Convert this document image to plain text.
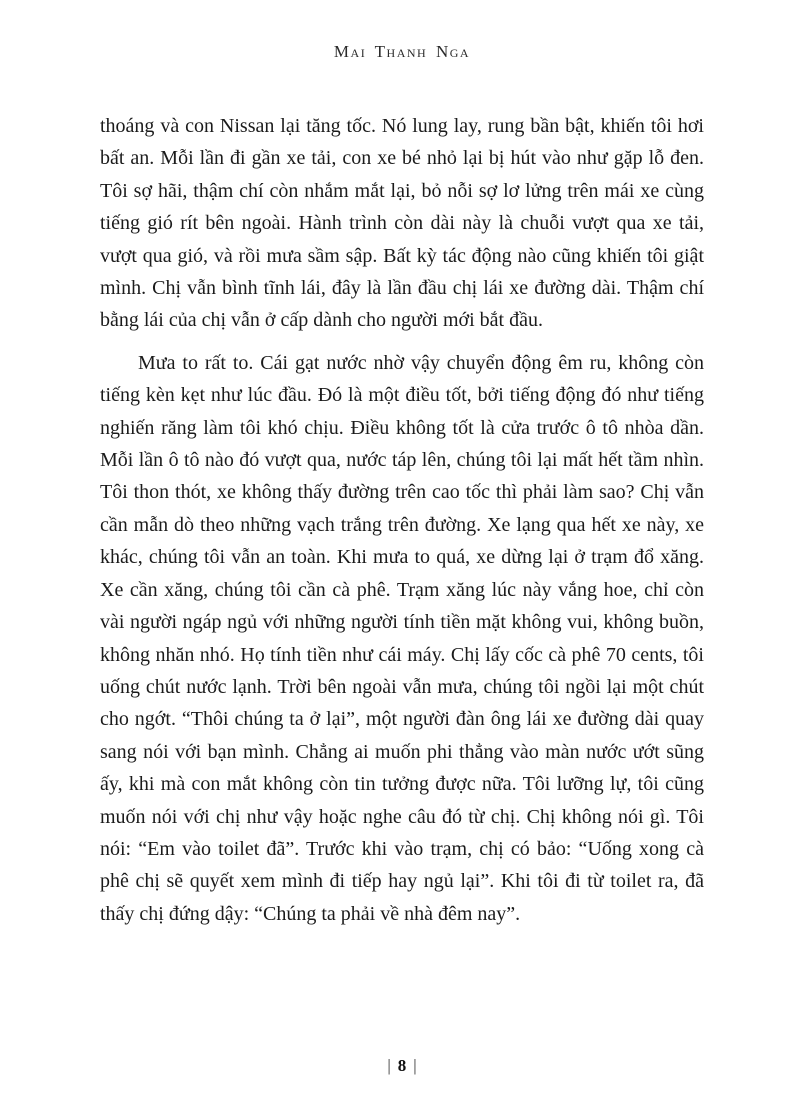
Mai Thanh Nga

thoáng và con Nissan lại tăng tốc. Nó lung lay, rung bần bật, khiến tôi hơi bất an. Mỗi lần đi gần xe tải, con xe bé nhỏ lại bị hút vào như gặp lỗ đen. Tôi sợ hãi, thậm chí còn nhắm mắt lại, bỏ nỗi sợ lơ lửng trên mái xe cùng tiếng gió rít bên ngoài. Hành trình còn dài này là chuỗi vượt qua xe tải, vượt qua gió, và rồi mưa sầm sập. Bất kỳ tác động nào cũng khiến tôi giật mình. Chị vẫn bình tĩnh lái, đây là lần đầu chị lái xe đường dài. Thậm chí bằng lái của chị vẫn ở cấp dành cho người mới bắt đầu.

Mưa to rất to. Cái gạt nước nhờ vậy chuyển động êm ru, không còn tiếng kèn kẹt như lúc đầu. Đó là một điều tốt, bởi tiếng động đó như tiếng nghiến răng làm tôi khó chịu. Điều không tốt là cửa trước ô tô nhòa dần. Mỗi lần ô tô nào đó vượt qua, nước táp lên, chúng tôi lại mất hết tầm nhìn. Tôi thon thót, xe không thấy đường trên cao tốc thì phải làm sao? Chị vẫn cần mẫn dò theo những vạch trắng trên đường. Xe lạng qua hết xe này, xe khác, chúng tôi vẫn an toàn. Khi mưa to quá, xe dừng lại ở trạm đổ xăng. Xe cần xăng, chúng tôi cần cà phê. Trạm xăng lúc này vắng hoe, chỉ còn vài người ngáp ngủ với những người tính tiền mặt không vui, không buồn, không nhăn nhó. Họ tính tiền như cái máy. Chị lấy cốc cà phê 70 cents, tôi uống chút nước lạnh. Trời bên ngoài vẫn mưa, chúng tôi ngồi lại một chút cho ngớt. “Thôi chúng ta ở lại”, một người đàn ông lái xe đường dài quay sang nói với bạn mình. Chẳng ai muốn phi thẳng vào màn nước ướt sũng ấy, khi mà con mắt không còn tin tưởng được nữa. Tôi lưỡng lự, tôi cũng muốn nói với chị như vậy hoặc nghe câu đó từ chị. Chị không nói gì. Tôi nói: “Em vào toilet đã”. Trước khi vào trạm, chị có bảo: “Uống xong cà phê chị sẽ quyết xem mình đi tiếp hay ngủ lại”. Khi tôi đi từ toilet ra, đã thấy chị đứng dậy: “Chúng ta phải về nhà đêm nay”.

| 8 |
